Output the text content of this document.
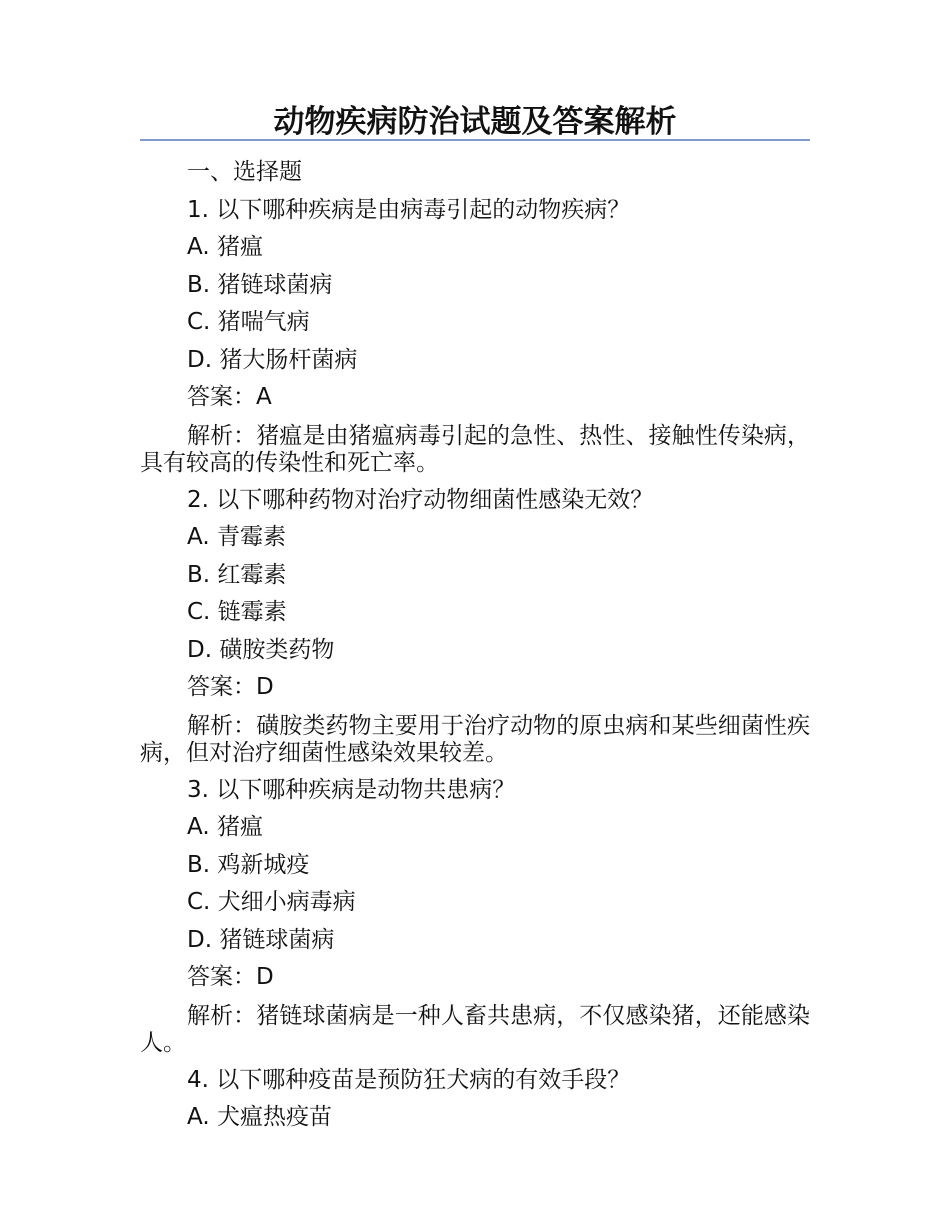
动物疾病防治试题及答案解析
一、选择题
1. 以下哪种疾病是由病毒引起的动物疾病？
A. 猪瘟
B. 猪链球菌病
C. 猪喘气病
D. 猪大肠杆菌病
答案：A
解析：猪瘟是由猪瘟病毒引起的急性、热性、接触性传染病，具有较高的传染性和死亡率。
2. 以下哪种药物对治疗动物细菌性感染无效？
A. 青霉素
B. 红霉素
C. 链霉素
D. 磺胺类药物
答案：D
解析：磺胺类药物主要用于治疗动物的原虫病和某些细菌性疾病，但对治疗细菌性感染效果较差。
3. 以下哪种疾病是动物共患病？
A. 猪瘟
B. 鸡新城疫
C. 犬细小病毒病
D. 猪链球菌病
答案：D
解析：猪链球菌病是一种人畜共患病，不仅感染猪，还能感染人。
4. 以下哪种疫苗是预防狂犬病的有效手段？
A. 犬瘟热疫苗
